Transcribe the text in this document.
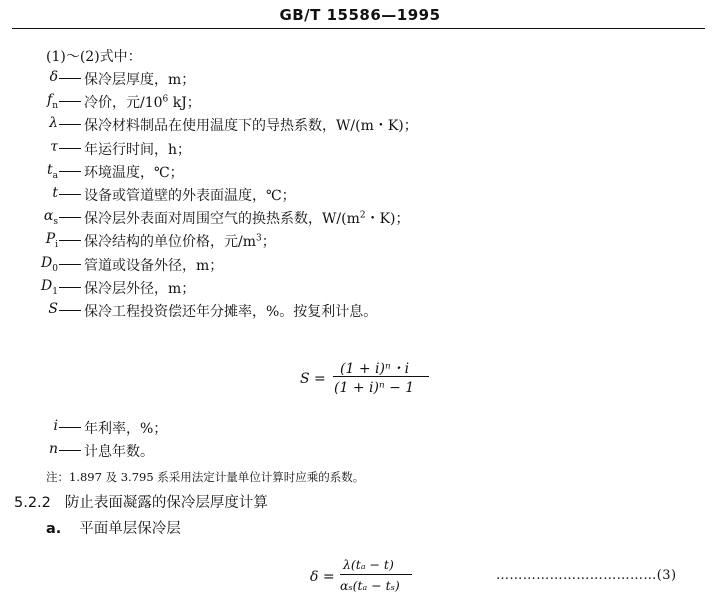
GB/T 15586—1995
(1)～(2)式中：
δ 保冷层厚度，m；
$f_n$ 冷价，元$/10^6$ kJ；
λ 保冷材料制品在使用温度下的导热系数，W/(m・K)；
τ 年运行时间，h；
$t_a$ 环境温度，℃；
t 设备或管道壁的外表面温度，℃；
$\alpha_s$ 保冷层外表面对周围空气的换热系数，$W/(m^2$・K)；
$P_i$ 保冷结构的单位价格，元$/m^3$；
$D_0$ 管道或设备外径，m；
$D_1$ 保冷层外径，m；
S 保冷工程投资偿还年分摊率，%。按复利计息。
S =
(1 + i)ⁿ・i
(1 + i)ⁿ − 1
i 年利率，%；
n 计息年数。
注：1.897 及 3.795 系采用法定计量单位计算时应乘的系数。
5.2.2 防止表面凝露的保冷层厚度计算
a. 平面单层保冷层
δ =
λ(tₐ − t)
αₛ(tₐ − tₛ)
………………………………(3)
